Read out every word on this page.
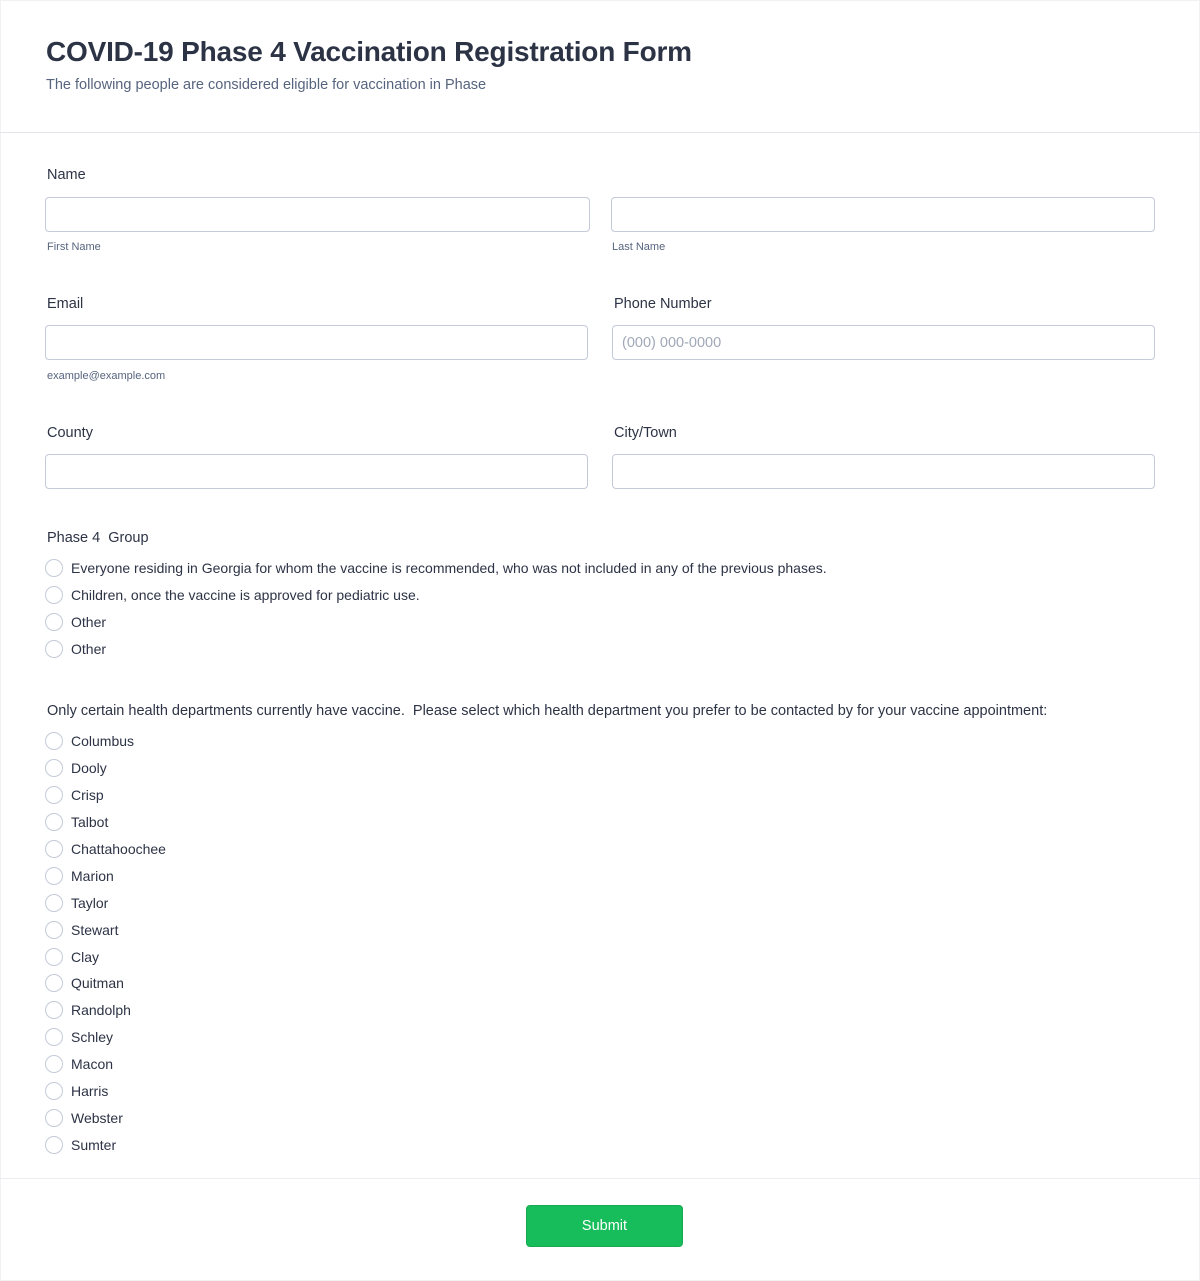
COVID-19 Phase 4 Vaccination Registration Form
The following people are considered eligible for vaccination in Phase
Name
First Name	Last Name
Email
example@example.com
Phone Number
(000) 000-0000
County	City/Town
Phase 4  Group
Everyone residing in Georgia for whom the vaccine is recommended, who was not included in any of the previous phases.
Children, once the vaccine is approved for pediatric use.
Other
Other
Only certain health departments currently have vaccine.  Please select which health department you prefer to be contacted by for your vaccine appointment:
Columbus
Dooly
Crisp
Talbot
Chattahoochee
Marion
Taylor
Stewart
Clay
Quitman
Randolph
Schley
Macon
Harris
Webster
Sumter
Submit
